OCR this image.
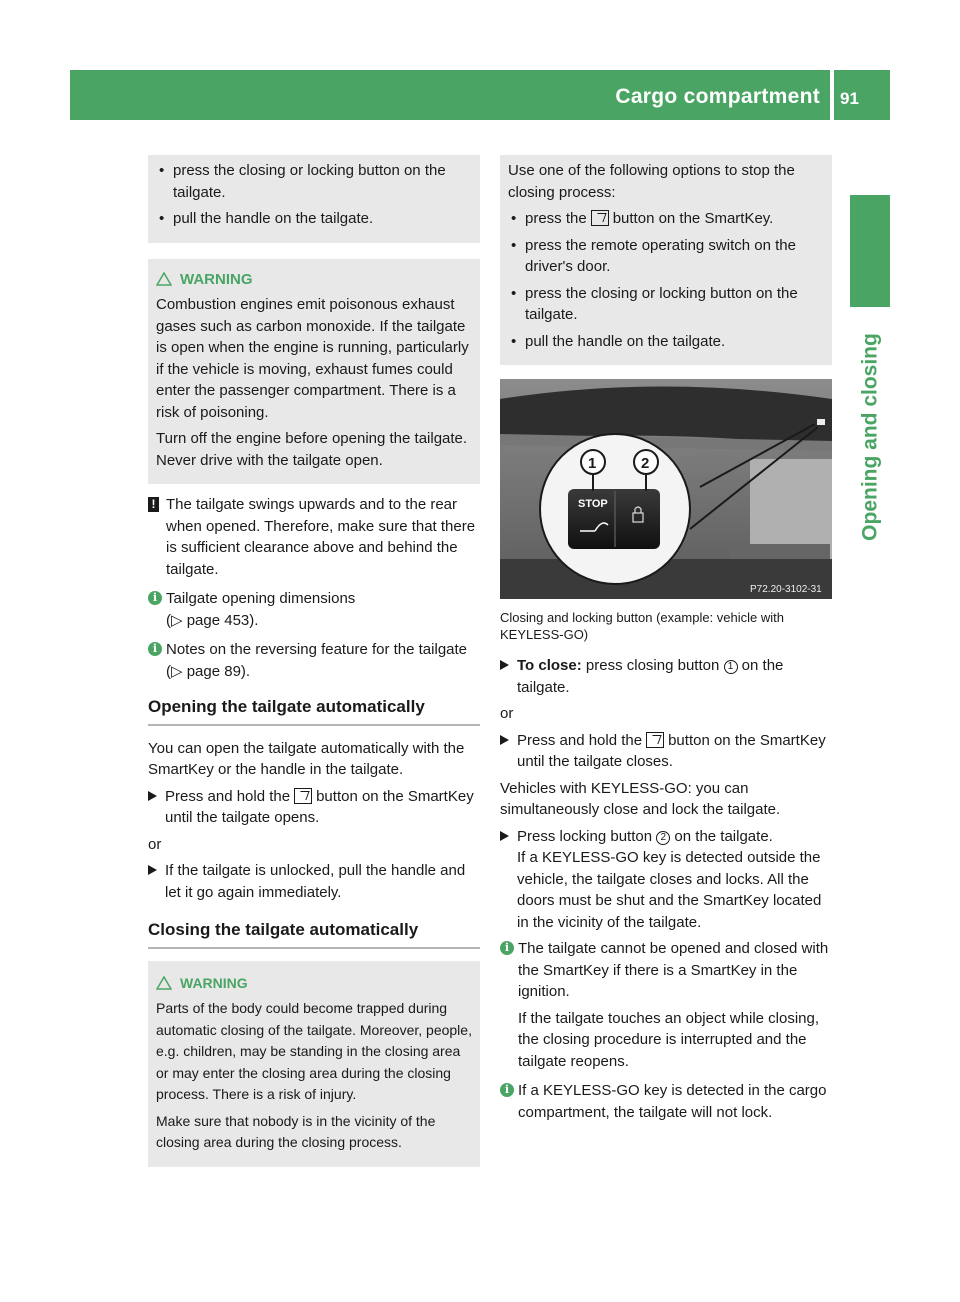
Cargo compartment 91
Opening and closing
• press the closing or locking button on the tailgate.
• pull the handle on the tailgate.
WARNING
Combustion engines emit poisonous exhaust gases such as carbon monoxide. If the tailgate is open when the engine is running, particularly if the vehicle is moving, exhaust fumes could enter the passenger compartment. There is a risk of poisoning.
Turn off the engine before opening the tailgate. Never drive with the tailgate open.
! The tailgate swings upwards and to the rear when opened. Therefore, make sure that there is sufficient clearance above and behind the tailgate.
i Tailgate opening dimensions
(▷ page 453).
i Notes on the reversing feature for the tailgate (▷ page 89).
Opening the tailgate automatically
You can open the tailgate automatically with the SmartKey or the handle in the tailgate.
Press and hold the button on the SmartKey until the tailgate opens.
or
If the tailgate is unlocked, pull the handle and let it go again immediately.
Closing the tailgate automatically
WARNING
Parts of the body could become trapped during automatic closing of the tailgate. Moreover, people, e.g. children, may be standing in the closing area or may enter the closing area during the closing process. There is a risk of injury.
Make sure that nobody is in the vicinity of the closing area during the closing process.
Use one of the following options to stop the closing process:
• press the button on the SmartKey.
• press the remote operating switch on the driver's door.
• press the closing or locking button on the tailgate.
• pull the handle on the tailgate.
STOP
1	2
P72.20-3102-31
Closing and locking button (example: vehicle with KEYLESS-GO)
To close: press closing button 1 on the tailgate.
or
Press and hold the button on the SmartKey until the tailgate closes.
Vehicles with KEYLESS-GO: you can simultaneously close and lock the tailgate.
Press locking button 2 on the tailgate.
If a KEYLESS-GO key is detected outside the vehicle, the tailgate closes and locks. All the doors must be shut and the SmartKey located in the vicinity of the tailgate.
i The tailgate cannot be opened and closed with the SmartKey if there is a SmartKey in the ignition.
If the tailgate touches an object while closing, the closing procedure is interrupted and the tailgate reopens.
i If a KEYLESS-GO key is detected in the cargo compartment, the tailgate will not lock.
